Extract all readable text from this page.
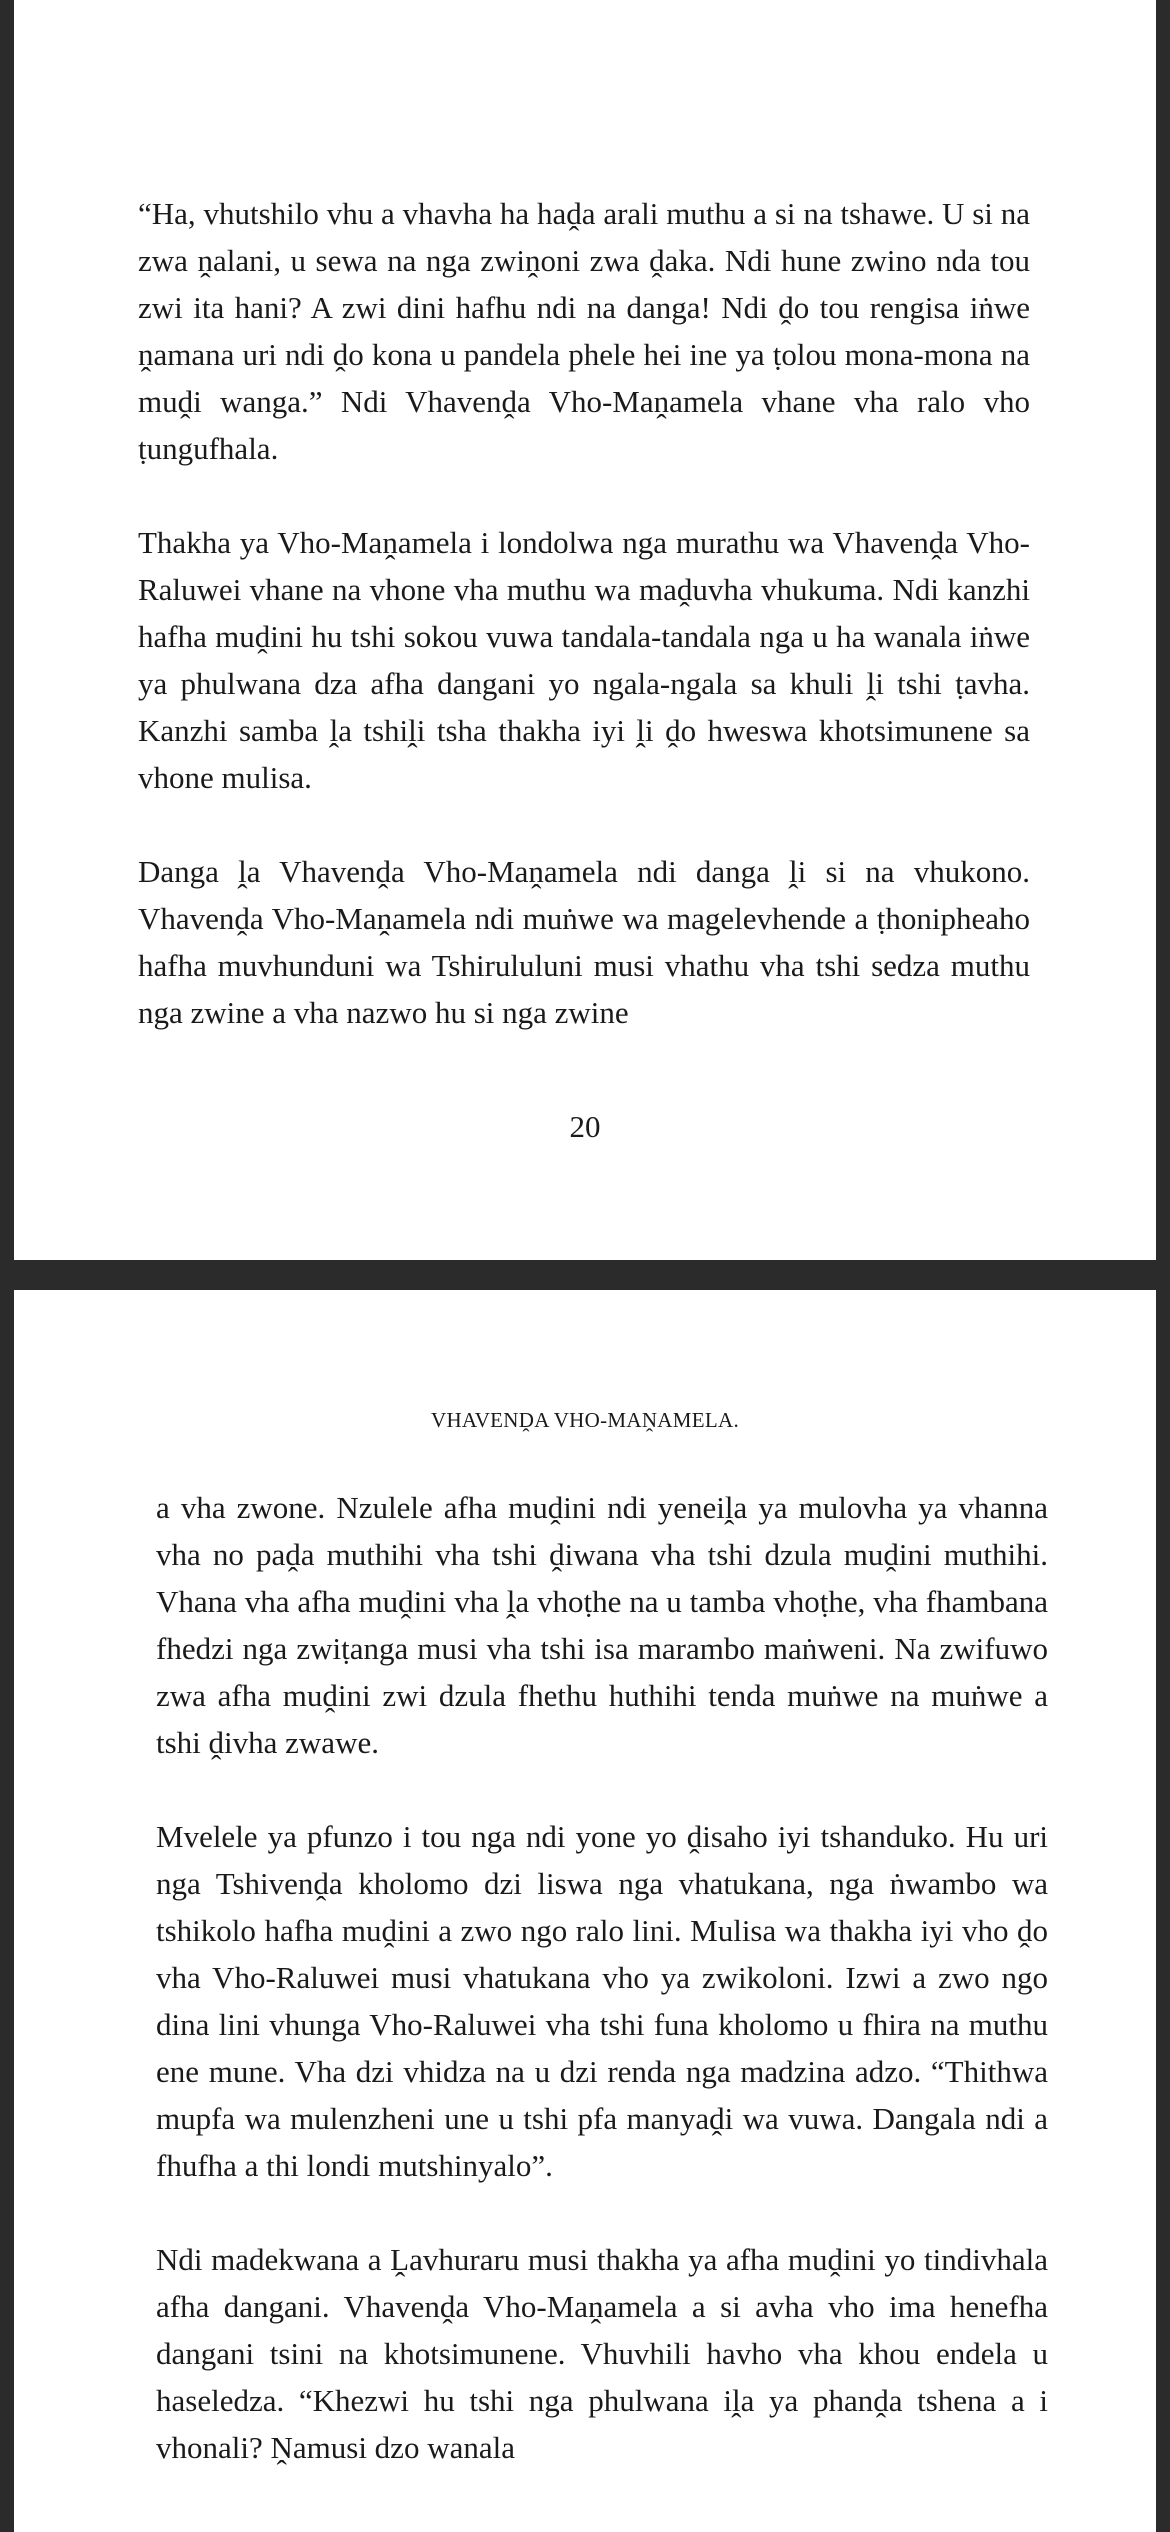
“Ha, vhutshilo vhu a vhavha ha haḓa arali muthu a si na tshawe. U si na zwa ṋalani, u sewa na nga zwiṋoni zwa ḓaka. Ndi hune zwino nda tou zwi ita hani? A zwi dini hafhu ndi na danga! Ndi ḓo tou rengisa iṅwe ṋamana uri ndi ḓo kona u pandela phele hei ine ya ṭolou mona-mona na muḓi wanga.” Ndi Vhavenḓa Vho-Maṋamela vhane vha ralo vho ṭungufhala.

Thakha ya Vho-Maṋamela i londolwa nga murathu wa Vhavenḓa Vho-Raluwei vhane na vhone vha muthu wa maḓuvha vhukuma. Ndi kanzhi hafha muḓini hu tshi sokou vuwa tandala-tandala nga u ha wanala iṅwe ya phulwana dza afha dangani yo ngala-ngala sa khuli ḽi tshi ṭavha. Kanzhi samba ḽa tshiḽi tsha thakha iyi ḽi ḓo hweswa khotsimunene sa vhone mulisa.

Danga ḽa Vhavenḓa Vho-Maṋamela ndi danga ḽi si na vhukono. Vhavenḓa Vho-Maṋamela ndi muṅwe wa magelevhende a ṭhonipheaho hafha muvhunduni wa Tshirululuni musi vhathu vha tshi sedza muthu nga zwine a vha nazwo hu si nga zwine

20
VHAVENḒA VHO-MAṊAMELA.

a vha zwone. Nzulele afha muḓini ndi yeneiḽa ya mulovha ya vhanna vha no paḓa muthihi vha tshi ḓiwana vha tshi dzula muḓini muthihi. Vhana vha afha muḓini vha ḽa vhoṭhe na u tamba vhoṭhe, vha fhambana fhedzi nga zwiṭanga musi vha tshi isa marambo maṅweni. Na zwifuwo zwa afha muḓini zwi dzula fhethu huthihi tenda muṅwe na muṅwe a tshi ḓivha zwawe.

Mvelele ya pfunzo i tou nga ndi yone yo ḓisaho iyi tshanduko. Hu uri nga Tshivenḓa kholomo dzi liswa nga vhatukana, nga ṅwambo wa tshikolo hafha muḓini a zwo ngo ralo lini. Mulisa wa thakha iyi vho ḓo vha Vho-Raluwei musi vhatukana vho ya zwikoloni. Izwi a zwo ngo dina lini vhunga Vho-Raluwei vha tshi funa kholomo u fhira na muthu ene mune. Vha dzi vhidza na u dzi renda nga madzina adzo. “Thithwa mupfa wa mulenzheni une u tshi pfa manyaḓi wa vuwa. Dangala ndi a fhufha a thi londi mutshinyalo”.

Ndi madekwana a Ḽavhuraru musi thakha ya afha muḓini yo tindivhala afha dangani. Vhavenḓa Vho-Maṋamela a si avha vho ima henefha dangani tsini na khotsimunene. Vhuvhili havho vha khou endela u haseledza. “Khezwi hu tshi nga phulwana iḽa ya phanḓa tshena a i vhonali? Ṋamusi dzo wanala
